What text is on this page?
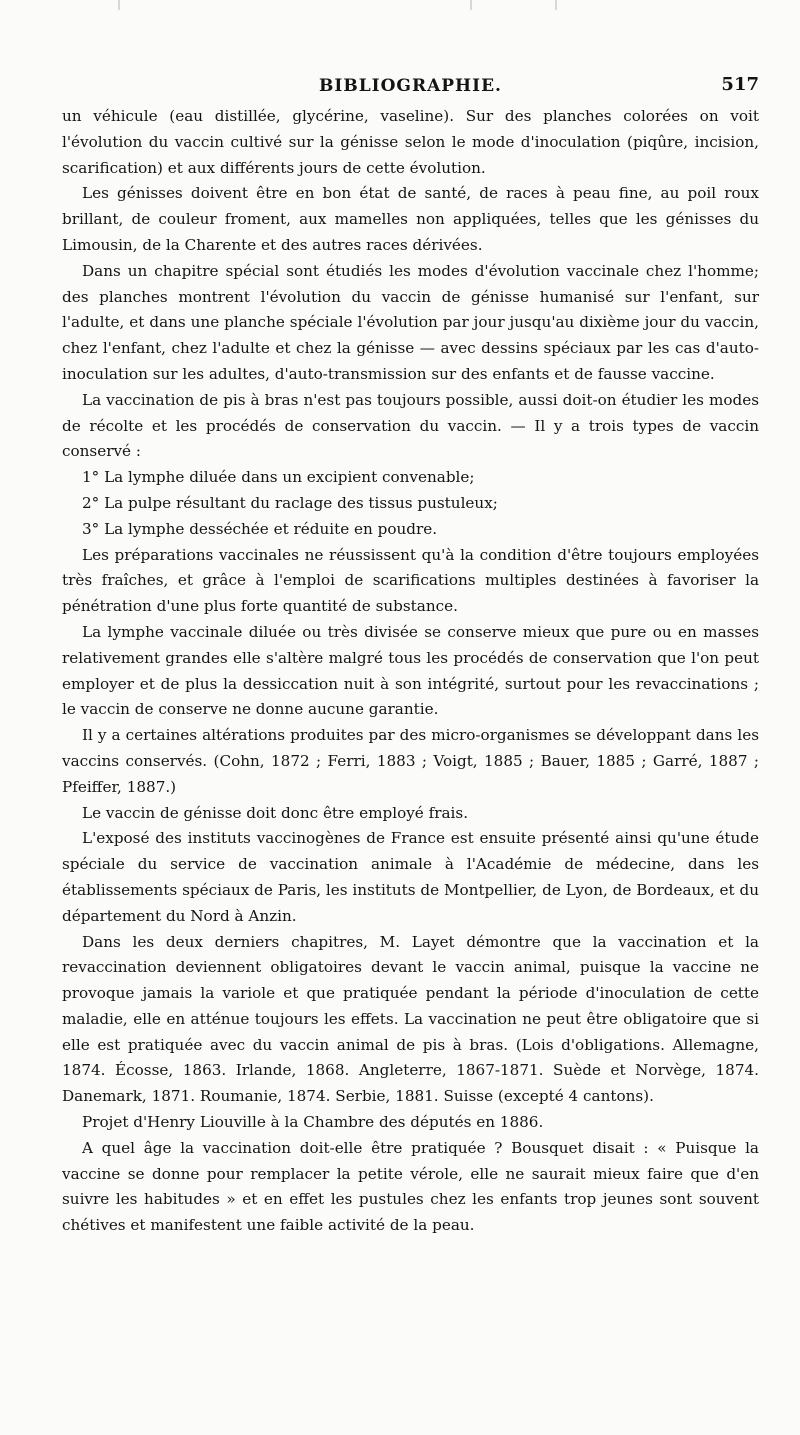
BIBLIOGRAPHIE.	517

un véhicule (eau distillée, glycérine, vaseline). Sur des planches colorées on voit l'évolution du vaccin cultivé sur la génisse selon le mode d'inoculation (piqûre, incision, scarification) et aux différents jours de cette évolution.

Les génisses doivent être en bon état de santé, de races à peau fine, au poil roux brillant, de couleur froment, aux mamelles non appliquées, telles que les génisses du Limousin, de la Charente et des autres races dérivées.

Dans un chapitre spécial sont étudiés les modes d'évolution vaccinale chez l'homme; des planches montrent l'évolution du vaccin de génisse humanisé sur l'enfant, sur l'adulte, et dans une planche spéciale l'évolution par jour jusqu'au dixième jour du vaccin, chez l'enfant, chez l'adulte et chez la génisse — avec dessins spéciaux par les cas d'auto-inoculation sur les adultes, d'auto-transmission sur des enfants et de fausse vaccine.

La vaccination de pis à bras n'est pas toujours possible, aussi doit-on étudier les modes de récolte et les procédés de conservation du vaccin. — Il y a trois types de vaccin conservé :

1° La lymphe diluée dans un excipient convenable;

2° La pulpe résultant du raclage des tissus pustuleux;

3° La lymphe desséchée et réduite en poudre.

Les préparations vaccinales ne réussissent qu'à la condition d'être toujours employées très fraîches, et grâce à l'emploi de scarifications multiples destinées à favoriser la pénétration d'une plus forte quantité de substance.

La lymphe vaccinale diluée ou très divisée se conserve mieux que pure ou en masses relativement grandes elle s'altère malgré tous les procédés de conservation que l'on peut employer et de plus la dessiccation nuit à son intégrité, surtout pour les revaccinations ; le vaccin de conserve ne donne aucune garantie.

Il y a certaines altérations produites par des micro-organismes se développant dans les vaccins conservés. (Cohn, 1872 ; Ferri, 1883 ; Voigt, 1885 ; Bauer, 1885 ; Garré, 1887 ; Pfeiffer, 1887.)

Le vaccin de génisse doit donc être employé frais.

L'exposé des instituts vaccinogènes de France est ensuite présenté ainsi qu'une étude spéciale du service de vaccination animale à l'Académie de médecine, dans les établissements spéciaux de Paris, les instituts de Montpellier, de Lyon, de Bordeaux, et du département du Nord à Anzin.

Dans les deux derniers chapitres, M. Layet démontre que la vaccination et la revaccination deviennent obligatoires devant le vaccin animal, puisque la vaccine ne provoque jamais la variole et que pratiquée pendant la période d'inoculation de cette maladie, elle en atténue toujours les effets. La vaccination ne peut être obligatoire que si elle est pratiquée avec du vaccin animal de pis à bras. (Lois d'obligations. Allemagne, 1874. Écosse, 1863. Irlande, 1868. Angleterre, 1867-1871. Suède et Norvège, 1874. Danemark, 1871. Roumanie, 1874. Serbie, 1881. Suisse (excepté 4 cantons).

Projet d'Henry Liouville à la Chambre des députés en 1886.

A quel âge la vaccination doit-elle être pratiquée ? Bousquet disait : « Puisque la vaccine se donne pour remplacer la petite vérole, elle ne saurait mieux faire que d'en suivre les habitudes » et en effet les pustules chez les enfants trop jeunes sont souvent chétives et manifestent une faible activité de la peau.
